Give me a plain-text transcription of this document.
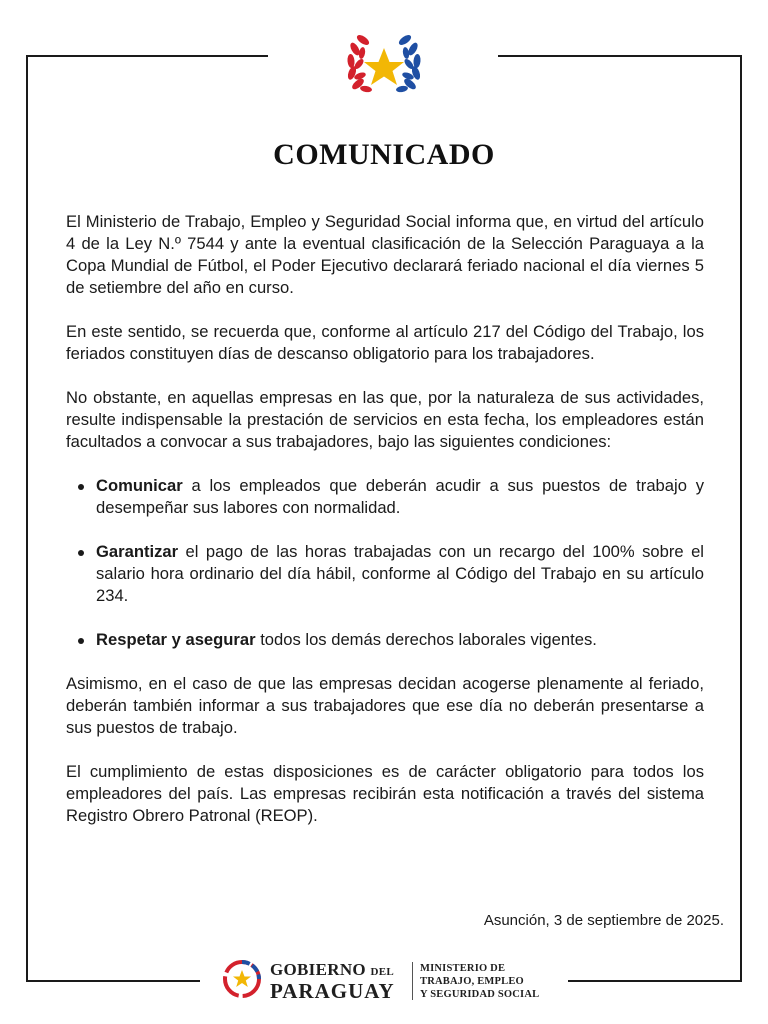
COMUNICADO

El Ministerio de Trabajo, Empleo y Seguridad Social informa que, en virtud del artículo 4 de la Ley N.º 7544 y ante la eventual clasificación de la Selección Paraguaya a la Copa Mundial de Fútbol, el Poder Ejecutivo declarará feriado nacional el día viernes 5 de setiembre del año en curso.

En este sentido, se recuerda que, conforme al artículo 217 del Código del Trabajo, los feriados constituyen días de descanso obligatorio para los trabajadores.

No obstante, en aquellas empresas en las que, por la naturaleza de sus actividades, resulte indispensable la prestación de servicios en esta fecha, los empleadores están facultados a convocar a sus trabajadores, bajo las siguientes condiciones:

Comunicar a los empleados que deberán acudir a sus puestos de trabajo y desempeñar sus labores con normalidad.
Garantizar el pago de las horas trabajadas con un recargo del 100% sobre el salario hora ordinario del día hábil, conforme al Código del Trabajo en su artículo 234.
Respetar y asegurar todos los demás derechos laborales vigentes.

Asimismo, en el caso de que las empresas decidan acogerse plenamente al feriado, deberán también informar a sus trabajadores que ese día no deberán presentarse a sus puestos de trabajo.

El cumplimiento de estas disposiciones es de carácter obligatorio para todos los empleadores del país. Las empresas recibirán esta notificación a través del sistema Registro Obrero Patronal (REOP).

Asunción, 3 de septiembre de 2025.
GOBIERNO DEL
PARAGUAY
MINISTERIO DE
TRABAJO, EMPLEO
Y SEGURIDAD SOCIAL
